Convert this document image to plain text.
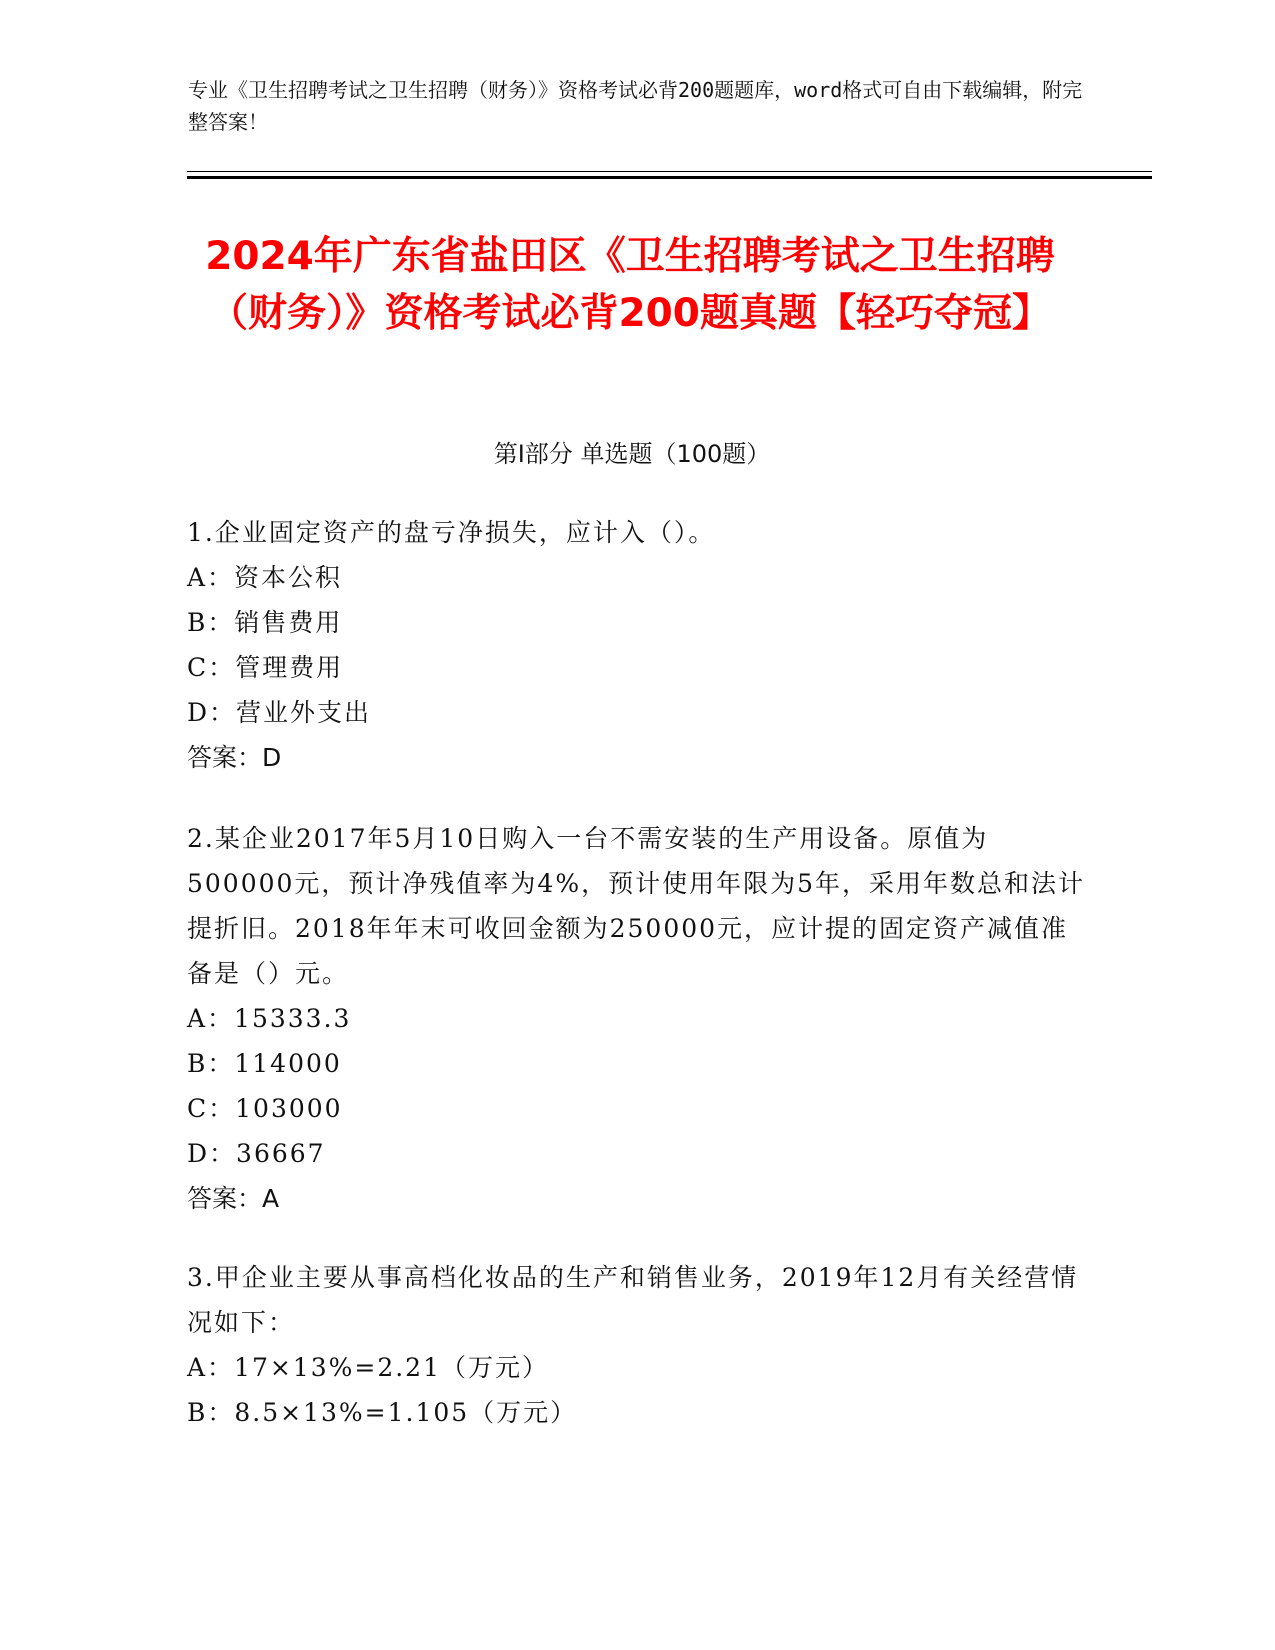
专业《卫生招聘考试之卫生招聘（财务）》资格考试必背200题题库，word格式可自由下载编辑，附完整答案！
2024年广东省盐田区《卫生招聘考试之卫生招聘（财务）》资格考试必背200题真题【轻巧夺冠】
第I部分 单选题（100题）

1.企业固定资产的盘亏净损失，应计入（）。

A：资本公积

B：销售费用

C：管理费用

D：营业外支出

答案：D

2.某企业2017年5月10日购入一台不需安装的生产用设备。原值为500000元，预计净残值率为4%，预计使用年限为5年，采用年数总和法计提折旧。2018年年末可收回金额为250000元，应计提的固定资产减值准备是（）元。

A：15333.3

B：114000

C：103000

D：36667

答案：A

3.甲企业主要从事高档化妆品的生产和销售业务，2019年12月有关经营情况如下：

A：17×13%=2.21（万元）

B：8.5×13%=1.105（万元）
